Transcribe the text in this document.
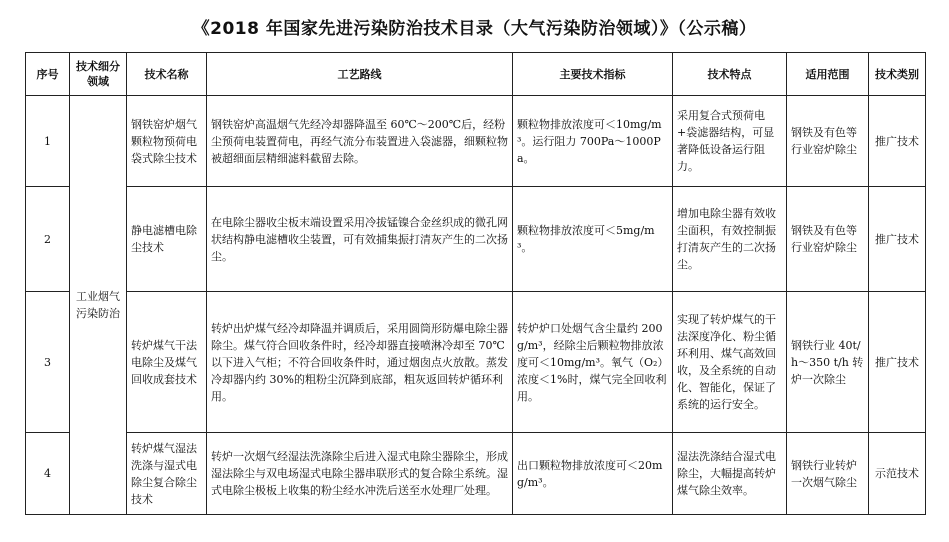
《2018 年国家先进污染防治技术目录（大气污染防治领域）》（公示稿）
序号	技术细分领域	技术名称	工艺路线	主要技术指标	技术特点	适用范围	技术类别
1	工业烟气污染防治	钢铁窑炉烟气颗粒物预荷电袋式除尘技术	钢铁窑炉高温烟气先经冷却器降温至 60℃～200℃后，经粉尘预荷电装置荷电，再经气流分布装置进入袋滤器，细颗粒物被超细面层精细滤料截留去除。	颗粒物排放浓度可＜10mg/m³。运行阻力 700Pa～1000Pa。	采用复合式预荷电+袋滤器结构，可显著降低设备运行阻力。	钢铁及有色等行业窑炉除尘	推广技术
2		静电滤槽电除尘技术	在电除尘器收尘板末端设置采用冷拔锰镍合金丝织成的微孔网状结构静电滤槽收尘装置，可有效捕集振打清灰产生的二次扬尘。	颗粒物排放浓度可＜5mg/m³。	增加电除尘器有效收尘面积，有效控制振打清灰产生的二次扬尘。	钢铁及有色等行业窑炉除尘	推广技术
3		转炉煤气干法电除尘及煤气回收成套技术	转炉出炉煤气经冷却降温并调质后，采用圆筒形防爆电除尘器除尘。煤气符合回收条件时，经冷却器直接喷淋冷却至 70℃以下进入气柜；不符合回收条件时，通过烟囱点火放散。蒸发冷却器内约 30%的粗粉尘沉降到底部，粗灰返回转炉循环利用。	转炉炉口处烟气含尘量约 200g/m³，经除尘后颗粒物排放浓度可＜10mg/m³。氧气（O₂）浓度＜1%时，煤气完全回收利用。	实现了转炉煤气的干法深度净化、粉尘循环利用、煤气高效回收，及全系统的自动化、智能化，保证了系统的运行安全。	钢铁行业 40t/h～350 t/h 转炉一次除尘	推广技术
4		转炉煤气湿法洗涤与湿式电除尘复合除尘技术	转炉一次烟气经湿法洗涤除尘后进入湿式电除尘器除尘，形成湿法除尘与双电场湿式电除尘器串联形式的复合除尘系统。湿式电除尘极板上收集的粉尘经水冲洗后送至水处理厂处理。	出口颗粒物排放浓度可＜20mg/m³。	湿法洗涤结合湿式电除尘，大幅提高转炉煤气除尘效率。	钢铁行业转炉一次烟气除尘	示范技术
